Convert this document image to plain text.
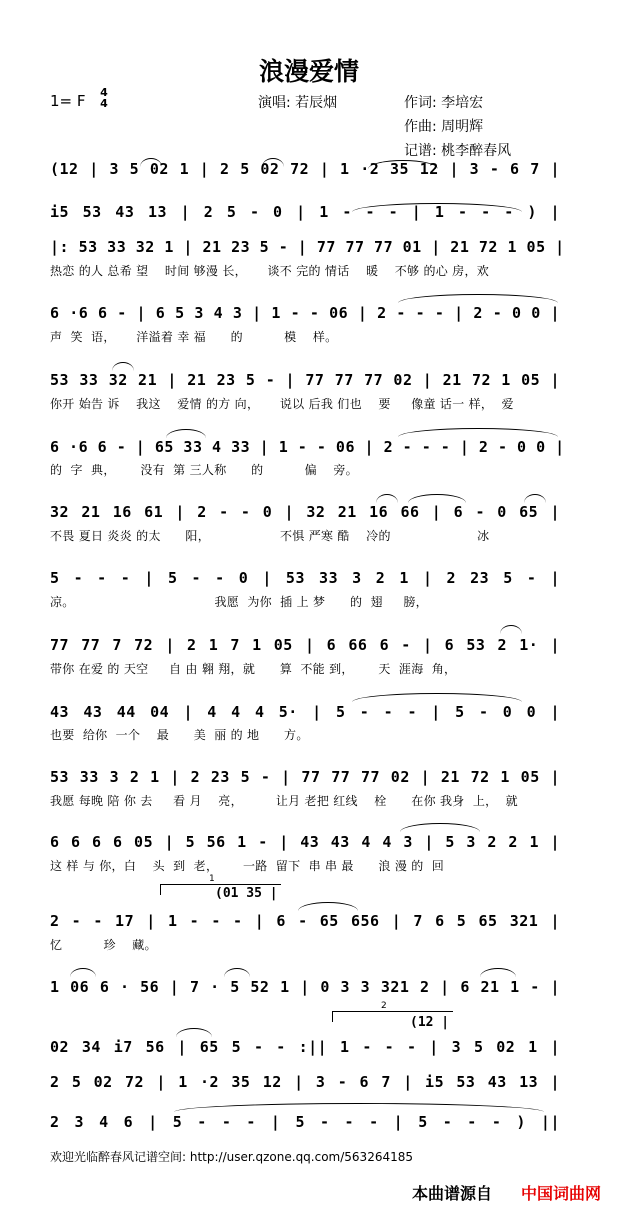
浪漫爱情
1= F 4
4	演唱: 若辰烟	作词: 李培宏
作曲: 周明辉
记谱: 桃李醉春风
(12 | 3 5 02 1 | 2 5 02 72 | 1 ·2 35 12 | 3 - 6 7 |
i5 53 43 13 | 2 5 - 0 | 1 - - - | 1 - - - ) |
|: 53 33 32 1 | 21 23 5 - | 77 77 77 01 | 21 72 1 05 |
热恋 的人 总希 望    时间 够漫 长，     谈不 完的 情话    暖    不够 的心 房，欢
6 ·6 6 - | 6 5 3 4 3 | 1 - - 06 | 2 - - - | 2 - 0 0 |
声  笑  语，     洋溢着 幸 福      的          模    样。
53 33 32 21 | 21 23 5 - | 77 77 77 02 | 21 72 1 05 |
你开 始告 诉    我这    爱情 的方 向，     说以 后我 们也    要     像童 话一 样，  爱
6 ·6 6 - | 65 33 4 33 | 1 - - 06 | 2 - - - | 2 - 0 0 |
的  字  典，      没有  第 三人称      的          偏    旁。
32 21 16 61 | 2 - - 0 | 32 21 16 66 | 6 - 0 65 |
不畏 夏日 炎炎 的太      阳，                 不惧 严寒 酷    冷的                     冰
5 - - - | 5 - - 0 | 53 33 3 2 1 | 2 23 5 - |
凉。                                  我愿  为你  插 上 梦      的  翅     膀，
77 77 7 72 | 2 1 7 1 05 | 6 66 6 - | 6 53 2 1· |
带你 在爱 的 天空     自 由 翱 翔，就      算  不能 到，      天  涯海  角，
43 43 44 04 | 4 4 4 5· | 5 - - - | 5 - 0 0 |
也要  给你  一个    最      美  丽 的 地      方。
53 33 3 2 1 | 2 23 5 - | 77 77 77 02 | 21 72 1 05 |
我愿 每晚 陪 你 去     看 月    亮，        让月 老把 红线    栓      在你 我身  上，  就
6 6 6 6 05 | 5 56 1 - | 43 43 4 4 3 | 5 3 2 2 1 |
这 样 与 你，白    头  到  老，      一路  留下  串 串 最      浪 漫 的  回
1
(01 35 |
2 - - 17 | 1 - - - | 6 - 65 656 | 7 6 5 65 321 |
忆          珍    藏。
1 06 6 · 56 | 7 · 5 52 1 | 0 3 3 321 2 | 6 21 1 - |
2
(12 |
02 34 i7 56 | 65 5 - - :|| 1 - - - | 3 5 02 1 |
2 5 02 72 | 1 ·2 35 12 | 3 - 6 7 | i5 53 43 13 |
2 3 4 6 | 5 - - - | 5 - - - | 5 - - - ) ||
欢迎光临醉春风记谱空间: http://user.qzone.qq.com/563264185
本曲谱源自 中国词曲网
